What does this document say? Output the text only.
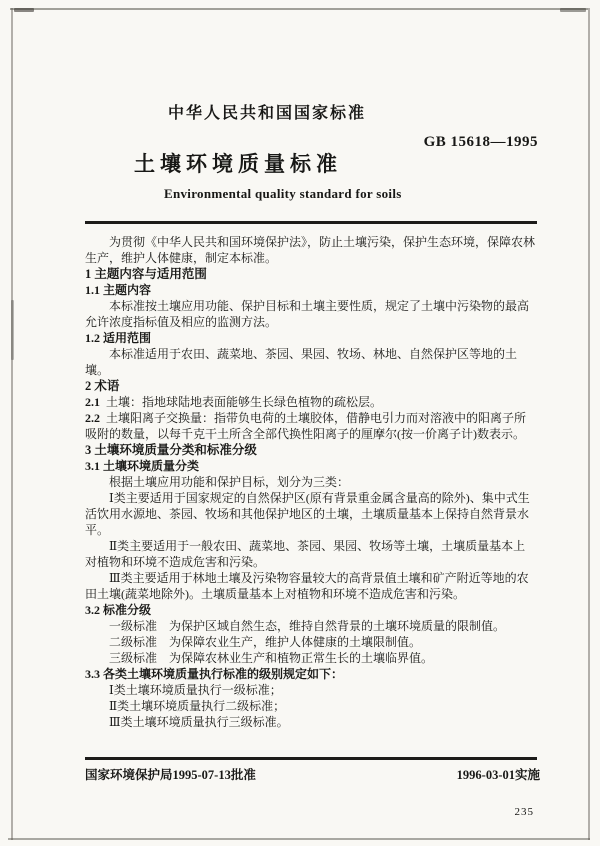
中华人民共和国国家标准
GB 15618—1995
土壤环境质量标准
Environmental quality standard for soils

为贯彻《中华人民共和国环境保护法》，防止土壤污染，保护生态环境，保障农林生产，维护人体健康，制定本标准。

1 主题内容与适用范围

1.1 主题内容

本标准按土壤应用功能、保护目标和土壤主要性质，规定了土壤中污染物的最高允许浓度指标值及相应的监测方法。

1.2 适用范围

本标准适用于农田、蔬菜地、茶园、果园、牧场、林地、自然保护区等地的土壤。

2 术语

2.1 土壤：指地球陆地表面能够生长绿色植物的疏松层。

2.2 土壤阳离子交换量：指带负电荷的土壤胶体，借静电引力而对溶液中的阳离子所吸附的数量，以每千克干土所含全部代换性阳离子的厘摩尔(按一价离子计)数表示。

3 土壤环境质量分类和标准分级

3.1 土壤环境质量分类

根据土壤应用功能和保护目标，划分为三类：

Ⅰ类主要适用于国家规定的自然保护区(原有背景重金属含量高的除外)、集中式生活饮用水源地、茶园、牧场和其他保护地区的土壤，土壤质量基本上保持自然背景水平。

Ⅱ类主要适用于一般农田、蔬菜地、茶园、果园、牧场等土壤，土壤质量基本上对植物和环境不造成危害和污染。

Ⅲ类主要适用于林地土壤及污染物容量较大的高背景值土壤和矿产附近等地的农田土壤(蔬菜地除外)。土壤质量基本上对植物和环境不造成危害和污染。

3.2 标准分级

一级标准　为保护区域自然生态，维持自然背景的土壤环境质量的限制值。

二级标准　为保障农业生产，维护人体健康的土壤限制值。

三级标准　为保障农林业生产和植物正常生长的土壤临界值。

3.3 各类土壤环境质量执行标准的级别规定如下：

Ⅰ类土壤环境质量执行一级标准；

Ⅱ类土壤环境质量执行二级标准；

Ⅲ类土壤环境质量执行三级标准。

国家环境保护局1995-07-13批准	1996-03-01实施
235
